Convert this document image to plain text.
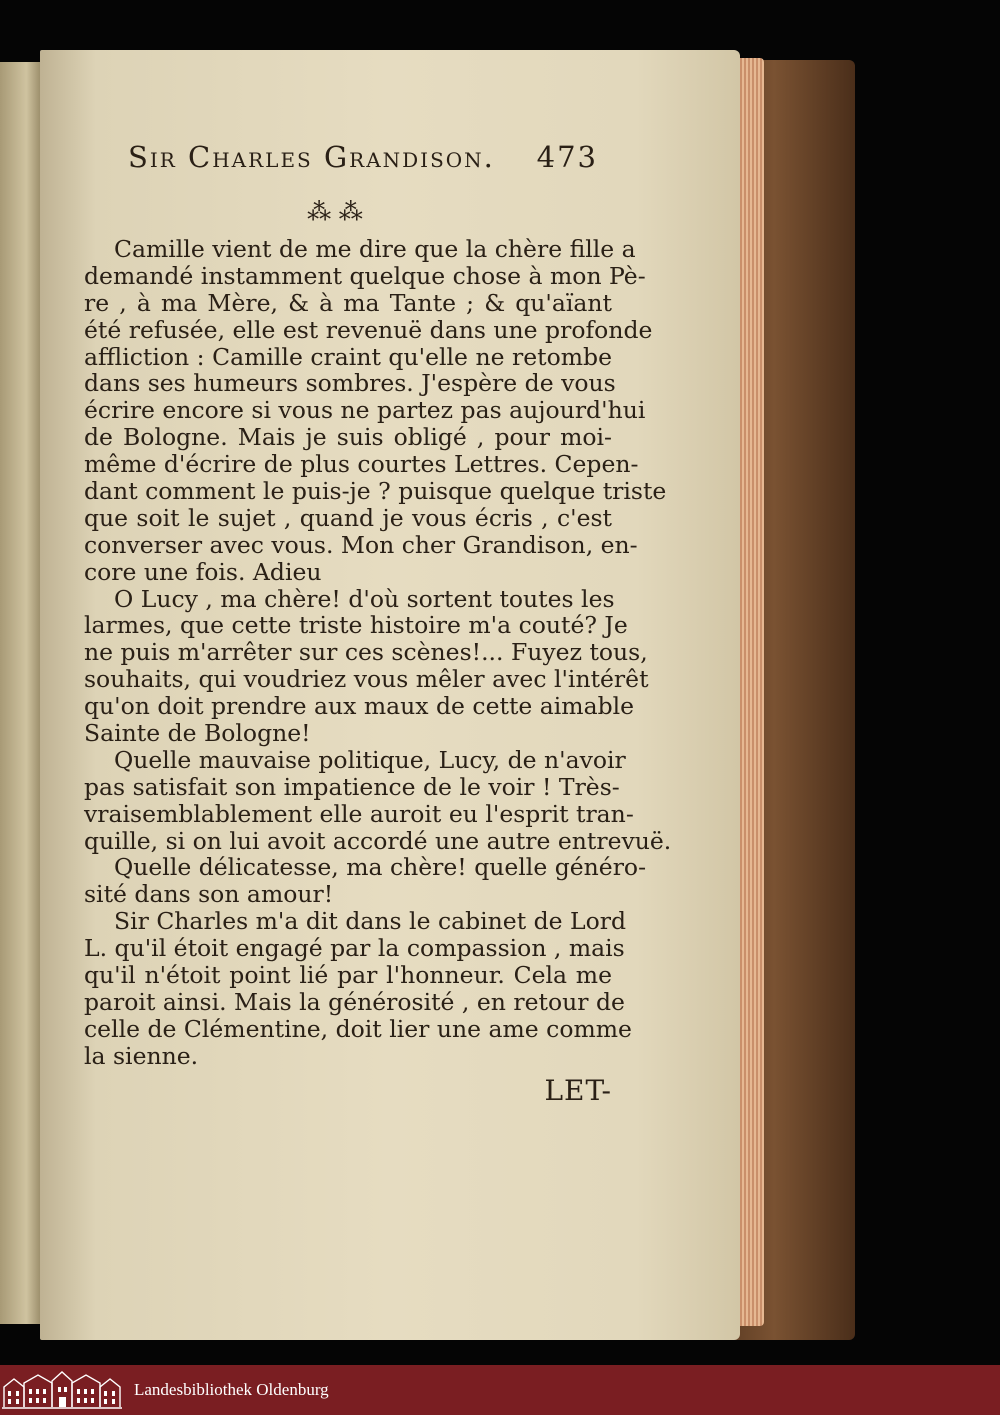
Sir Charles Grandison. 473
⁂ ⁂
Camille vient de me dire que la chère fille a
demandé instamment quelque chose à mon Pè-
re , à ma Mère, & à ma Tante ; & qu'aïant
été refusée, elle est revenuë dans une profonde
affliction : Camille craint qu'elle ne retombe
dans ses humeurs sombres. J'espère de vous
écrire encore si vous ne partez pas aujourd'hui
de Bologne. Mais je suis obligé , pour moi-
même d'écrire de plus courtes Lettres. Cepen-
dant comment le puis-je ? puisque quelque triste
que soit le sujet , quand je vous écris , c'est
converser avec vous. Mon cher Grandison, en-
core une fois. Adieu
O Lucy , ma chère! d'où sortent toutes les
larmes, que cette triste histoire m'a couté? Je
ne puis m'arrêter sur ces scènes!... Fuyez tous,
souhaits, qui voudriez vous mêler avec l'intérêt
qu'on doit prendre aux maux de cette aimable
Sainte de Bologne!
Quelle mauvaise politique, Lucy, de n'avoir
pas satisfait son impatience de le voir ! Très-
vraisemblablement elle auroit eu l'esprit tran-
quille, si on lui avoit accordé une autre entrevuë.
Quelle délicatesse, ma chère! quelle généro-
sité dans son amour!
Sir Charles m'a dit dans le cabinet de Lord
L. qu'il étoit engagé par la compassion , mais
qu'il n'étoit point lié par l'honneur. Cela me
paroit ainsi. Mais la générosité , en retour de
celle de Clémentine, doit lier une ame comme
la sienne.
LET-
Landesbibliothek Oldenburg
